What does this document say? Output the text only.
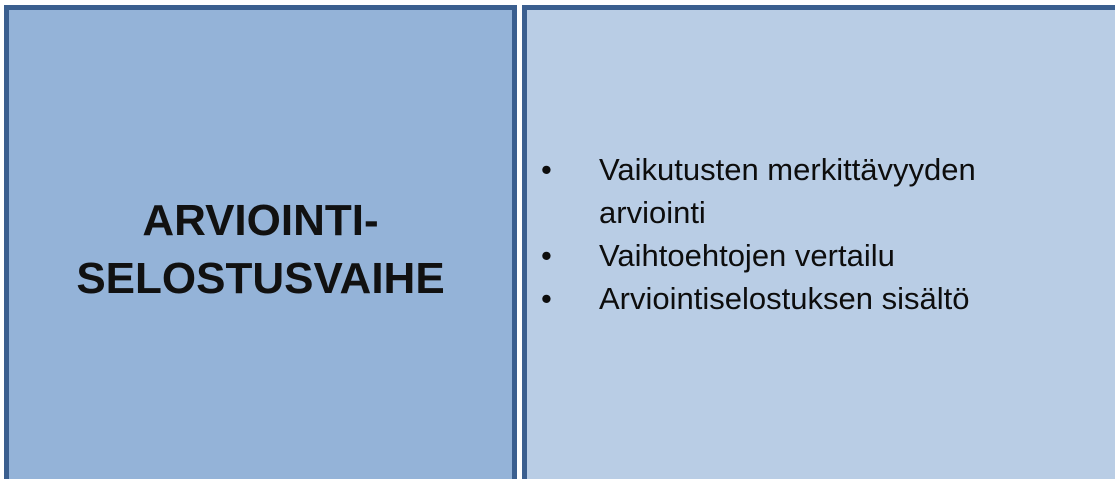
ARVIOINTI-
SELOSTUSVAIHE
• Vaikutusten merkittävyyden
arviointi
• Vaihtoehtojen vertailu
• Arviointiselostuksen sisältö
